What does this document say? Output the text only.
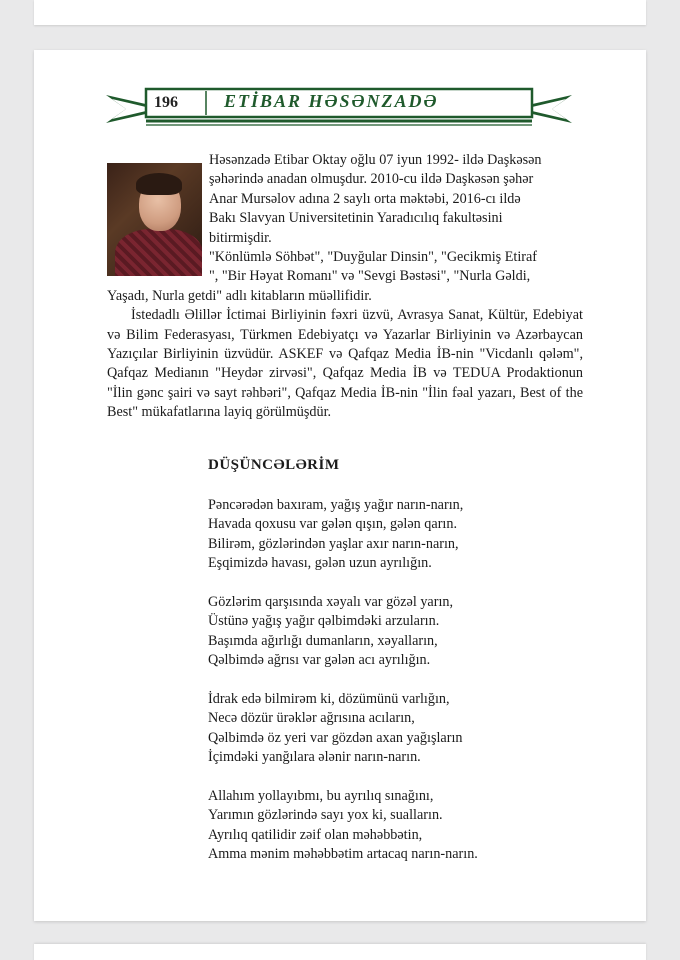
196	ETİBAR HƏSƏNZADƏ
Həsənzadə Etibar Oktay oğlu 07 iyun 1992- ildə Daşkəsən
şəhərində anadan olmuşdur. 2010-cu ildə Daşkəsən şəhər
Anar Mursəlov adına 2 saylı orta məktəbi, 2016-cı ildə
Bakı Slavyan Universitetinin Yaradıcılıq fakultəsini
bitirmişdir.
"Könlümlə Söhbət", "Duyğular Dinsin", "Gecikmiş Etiraf
", "Bir Həyat Romanı" və "Sevgi Bəstəsi", "Nurla Gəldi,

Yaşadı, Nurla getdi" adlı kitabların müəllifidir.

İstedadlı Əlillər İctimai Birliyinin fəxri üzvü, Avrasya Sanat, Kültür, Edebiyat və Bilim Federasyası, Türkmen Edebiyatçı və Yazarlar Birliyinin və Azərbaycan Yazıçılar Birliyinin üzvüdür. ASKEF və Qafqaz Media İB-nin "Vicdanlı qələm", Qafqaz Medianın "Heydər zirvəsi", Qafqaz Media İB və TEDUA Prodaktionun "İlin gənc şairi və sayt rəhbəri", Qafqaz Media İB-nin "İlin fəal yazarı, Best of the Best" mükafatlarına layiq görülmüşdür.

DÜŞÜNCƏLƏRİM
Pəncərədən baxıram, yağış yağır narın-narın,
Havada qoxusu var gələn qışın, gələn qarın.
Bilirəm, gözlərindən yaşlar axır narın-narın,
Eşqimizdə havası, gələn uzun ayrılığın.
Gözlərim qarşısında xəyalı var gözəl yarın,
Üstünə yağış yağır qəlbimdəki arzuların.
Başımda ağırlığı dumanların, xəyalların,
Qəlbimdə ağrısı var gələn acı ayrılığın.
İdrak edə bilmirəm ki, dözümünü varlığın,
Necə dözür ürəklər ağrısına acıların,
Qəlbimdə öz yeri var gözdən axan yağışların
İçimdəki yanğılara ələnir narın-narın.
Allahım yollayıbmı, bu ayrılıq sınağını,
Yarımın gözlərində sayı yox ki, sualların.
Ayrılıq qatilidir zəif olan məhəbbətin,
Amma mənim məhəbbətim artacaq narın-narın.
